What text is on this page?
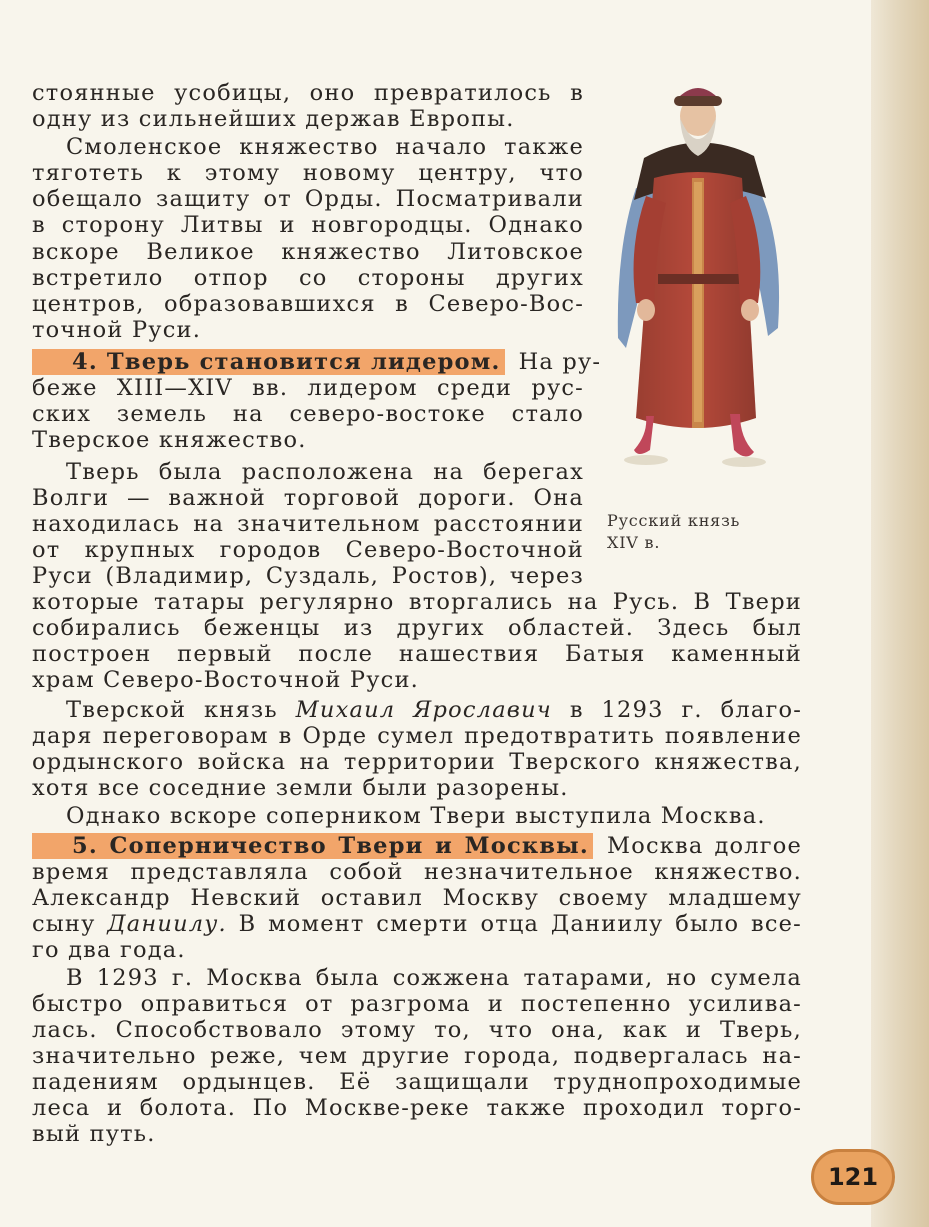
стоянные усобицы, оно превратилось в
одну из сильнейших держав Европы.
Смоленское княжество начало также
тяготеть к этому новому центру, что
обещало защиту от Орды. Посматривали
в сторону Литвы и новгородцы. Однако
вскоре Великое княжество Литовское
встретило отпор со стороны других
центров, образовавшихся в Северо-Вос-
точной Руси.
4. Тверь становится лидером. На ру-
беже XIII—XIV вв. лидером среди рус-
ских земель на северо-востоке стало
Тверское княжество.
Тверь была расположена на берегах
Волги — важной торговой дороги. Она
находилась на значительном расстоянии
от крупных городов Северо-Восточной
Руси (Владимир, Суздаль, Ростов), через
которые татары регулярно вторгались на Русь. В Твери
собирались беженцы из других областей. Здесь был
построен первый после нашествия Батыя каменный
храм Северо-Восточной Руси.
Тверской князь Михаил Ярославич в 1293 г. благо-
даря переговорам в Орде сумел предотвратить появление
ордынского войска на территории Тверского княжества,
хотя все соседние земли были разорены.
Однако вскоре соперником Твери выступила Москва.
5. Соперничество Твери и Москвы. Москва долгое
время представляла собой незначительное княжество.
Александр Невский оставил Москву своему младшему
сыну Даниилу. В момент смерти отца Даниилу было все-
го два года.
В 1293 г. Москва была сожжена татарами, но сумела
быстро оправиться от разгрома и постепенно усилива-
лась. Способствовало этому то, что она, как и Тверь,
значительно реже, чем другие города, подвергалась на-
падениям ордынцев. Её защищали труднопроходимые
леса и болота. По Москве-реке также проходил торго-
вый путь.
Русский князь
XIV в.
121
